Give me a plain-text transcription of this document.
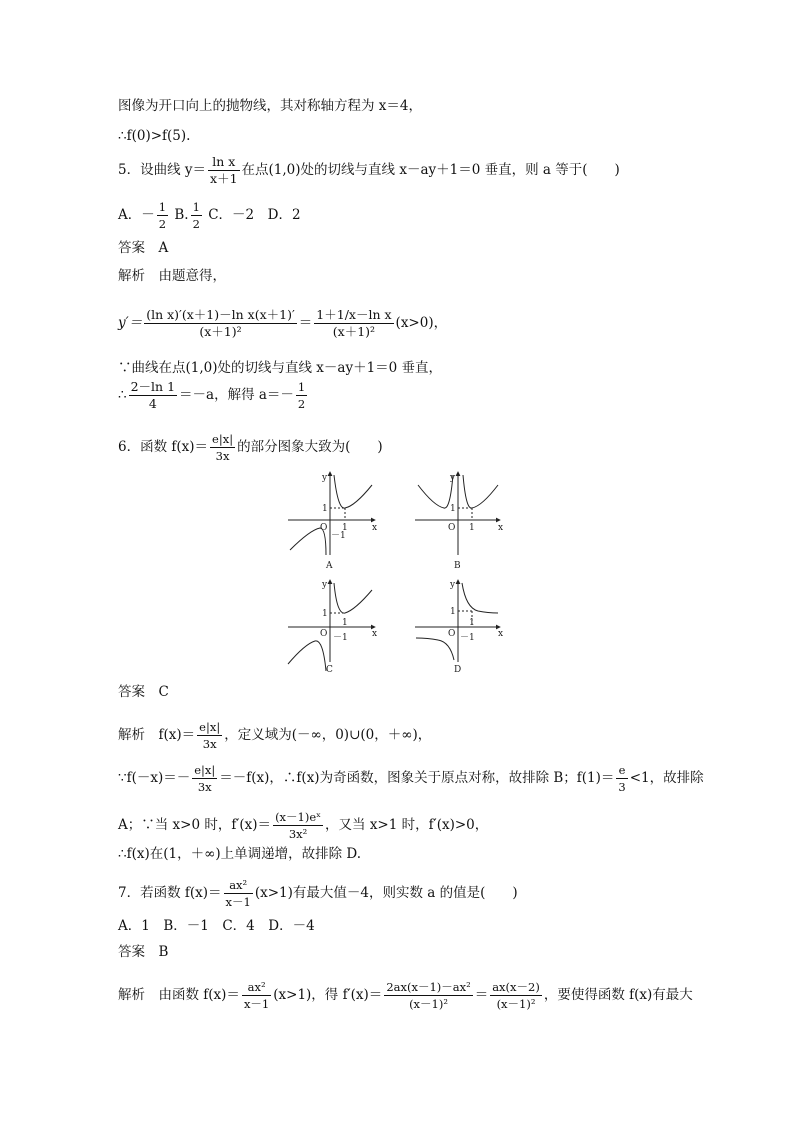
图像为开口向上的抛物线，其对称轴方程为 x＝4，
∴f(0)>f(5).
5．设曲线 $y= \frac{\text{ln x}}{x+1}$ 在点(1,0)处的切线与直线 x－ay＋1＝0 垂直，则 a 等于(　　)
A．－ $\frac{1}{2} B$. $\frac{1}{2}$ C．－2　D．2
答案　A
解析　由题意得，
$y'= \frac{\text{(ln x)′(x＋1)－ln x(x＋1)′}}{\text{(x＋1)²}} = \frac{\text{1＋1/x－ln x}}{\text{(x＋1)²}} (x>0)$，
∵曲线在点(1,0)处的切线与直线 x－ay＋1＝0 垂直，
∴ $\frac{2-\ln 1}{4} =-a$，解得 $a=- \frac{1}{2}$
6．函数 $f(x)= \frac{e|x|}{3x}$ 的部分图象大致为(　　)
y
x
O
1
1
－1
A
y
x
O
1
1
B
y
x
O
1
1
－1
C
y
x
O
1
1
－1
D
答案　C
解析　$f(x)= \frac{e|x|}{3x}$ ，定义域为(－∞，0)∪(0，＋∞)，
∵f(－x)＝－ $\frac{e|x|}{3x} =-f(x)$，∴f(x)为奇函数，图象关于原点对称，故排除 B；$f(1)= \frac{e}{3} <1$，故排除
A；∵当 x>0 时，$f'(x)= \frac{\text{(x－1)eˣ}}{\text{3x²}}$ ，又当 x>1 时，f′(x)>0，
∴f(x)在(1，＋∞)上单调递增，故排除 D.
7．若函数 $f(x)= \frac{\text{ax²}}{x-1} (x>1)$有最大值－4，则实数 a 的值是(　　)
A．1　B．－1　C．4　D．－4
答案　B
解析　由函数 $f(x)= \frac{\text{ax²}}{x-1} (x>1)$，得 $f'(x)= \frac{\text{2ax(x－1)－ax²}}{\text{(x－1)²}} = \frac{ax(x-2)}{\text{(x－1)²}}$ ，要使得函数 f(x)有最大
